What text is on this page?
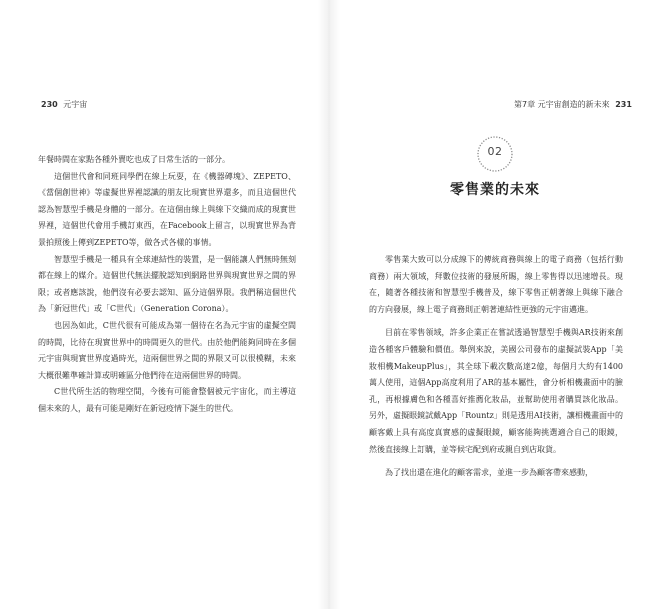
230 元宇宙

年餐時間在家點各種外賣吃也成了日常生活的一部分。

這個世代會和同班同學們在線上玩耍，在《機器磚塊》、ZEPETO、《當個創世神》等虛擬世界裡認識的朋友比現實世界還多，而且這個世代認為智慧型手機是身體的一部分。在這個由線上與線下交織而成的現實世界裡，這個世代會用手機訂東西，在Facebook上留言，以現實世界為背景拍照後上傳到ZEPETO等，做各式各樣的事情。

智慧型手機是一種具有全球連結性的裝置，是一個能讓人們無時無刻都在線上的媒介。這個世代無法擺脫認知到網路世界與現實世界之間的界限；或者應該說，他們沒有必要去認知、區分這個界限。我們稱這個世代為「新冠世代」或「C世代」（Generation Corona）。

也因為如此，C世代很有可能成為第一個待在名為元宇宙的虛擬空間的時間，比待在現實世界中的時間更久的世代。由於他們能夠同時在多個元宇宙與現實世界度過時光，這兩個世界之間的界限又可以很模糊，未來大概很難準確計算或明確區分他們待在這兩個世界的時間。

C世代所生活的物理空間，今後有可能會整個被元宇宙化，而主導這個未來的人，最有可能是剛好在新冠疫情下誕生的世代。

第7章 元宇宙創造的新未來 231
02
零售業的未來

零售業大致可以分成線下的傳統商務與線上的電子商務（包括行動商務）兩大領域，拜數位技術的發展所賜，線上零售得以迅速增長。現在，隨著各種技術和智慧型手機普及，線下零售正朝著線上與線下融合的方向發展，線上電子商務則正朝著連結性更強的元宇宙邁進。

目前在零售領域，許多企業正在嘗試透過智慧型手機與AR技術來創造各種客戶體驗和價值。舉例來說，美國公司發布的虛擬試裝App「美妝相機MakeupPlus」，其全球下載次數高達2億，每個月大約有1400萬人使用，這個App高度利用了AR的基本屬性，會分析相機畫面中的臉孔，再根據膚色和各種喜好推薦化妝品，並幫助使用者購買該化妝品。另外，虛擬眼鏡試戴App「Rountz」則是透用AI技術，讓相機畫面中的顧客戴上具有高度真實感的虛擬眼鏡，顧客能夠挑選適合自己的眼鏡，然後直接線上訂購，並等候宅配到府或親自到店取貨。

為了找出還在進化的顧客需求，並進一步為顧客帶來感動，
